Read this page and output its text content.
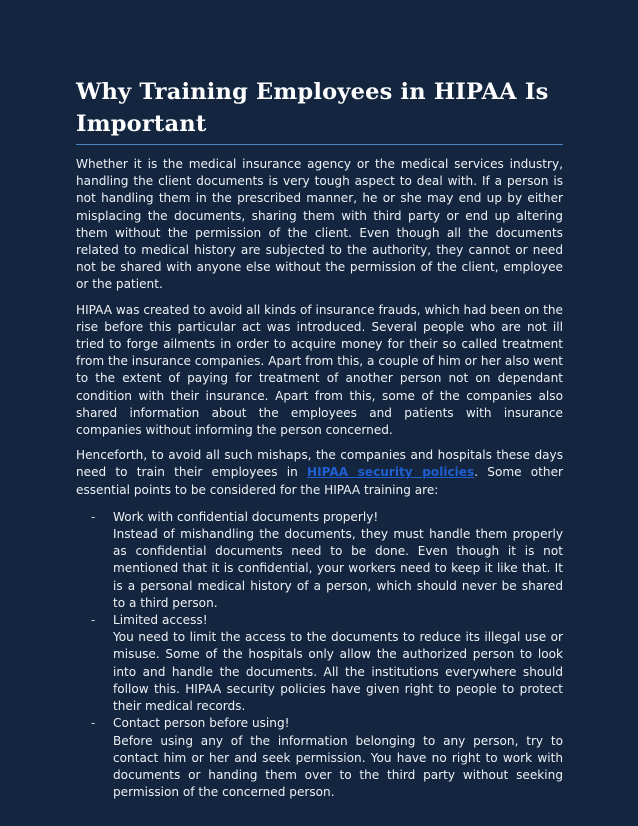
Why Training Employees in HIPAA Is Important

Whether it is the medical insurance agency or the medical services industry, handling the client documents is very tough aspect to deal with. If a person is not handling them in the prescribed manner, he or she may end up by either misplacing the documents, sharing them with third party or end up altering them without the permission of the client. Even though all the documents related to medical history are subjected to the authority, they cannot or need not be shared with anyone else without the permission of the client, employee or the patient.

HIPAA was created to avoid all kinds of insurance frauds, which had been on the rise before this particular act was introduced. Several people who are not ill tried to forge ailments in order to acquire money for their so called treatment from the insurance companies. Apart from this, a couple of him or her also went to the extent of paying for treatment of another person not on dependant condition with their insurance. Apart from this, some of the companies also shared information about the employees and patients with insurance companies without informing the person concerned.

Henceforth, to avoid all such mishaps, the companies and hospitals these days need to train their employees in HIPAA security policies. Some other essential points to be considered for the HIPAA training are:

- Work with confidential documents properly!

Instead of mishandling the documents, they must handle them properly as confidential documents need to be done. Even though it is not mentioned that it is confidential, your workers need to keep it like that. It is a personal medical history of a person, which should never be shared to a third person.

- Limited access!

You need to limit the access to the documents to reduce its illegal use or misuse. Some of the hospitals only allow the authorized person to look into and handle the documents. All the institutions everywhere should follow this. HIPAA security policies have given right to people to protect their medical records.

- Contact person before using!

Before using any of the information belonging to any person, try to contact him or her and seek permission. You have no right to work with documents or handing them over to the third party without seeking permission of the concerned person.
